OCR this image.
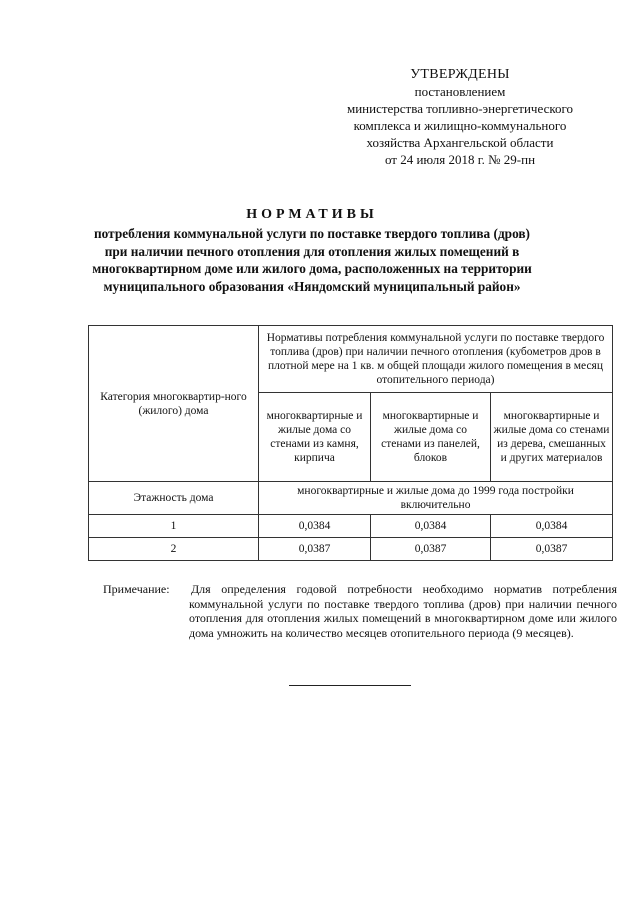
УТВЕРЖДЕНЫ
постановлением
министерства топливно-энергетического
комплекса и жилищно-коммунального
хозяйства Архангельской области
от 24 июля 2018 г. № 29-пн
НОРМАТИВЫ
потребления коммунальной услуги по поставке твердого топлива (дров) при наличии печного отопления для отопления жилых помещений в многоквартирном доме или жилого дома, расположенных на территории муниципального образования «Няндомский муниципальный район»
Категория многоквартир-ного (жилого) дома	Нормативы потребления коммунальной услуги по поставке твердого топлива (дров) при наличии печного отопления (кубометров дров в плотной мере на 1 кв. м общей площади жилого помещения в месяц отопительного периода)		
	многоквартирные и жилые дома со стенами из камня, кирпича	многоквартирные и жилые дома со стенами из панелей, блоков	многоквартирные и жилые дома со стенами из дерева, смешанных и других материалов
Этажность дома	многоквартирные и жилые дома до 1999 года постройки включительно		
1	0,0384	0,0384	0,0384
2	0,0387	0,0387	0,0387
Примечание: Для определения годовой потребности необходимо норматив потребления коммунальной услуги по поставке твердого топлива (дров) при наличии печного отопления для отопления жилых помещений в многоквартирном доме или жилого дома умножить на количество месяцев отопительного периода (9 месяцев).
